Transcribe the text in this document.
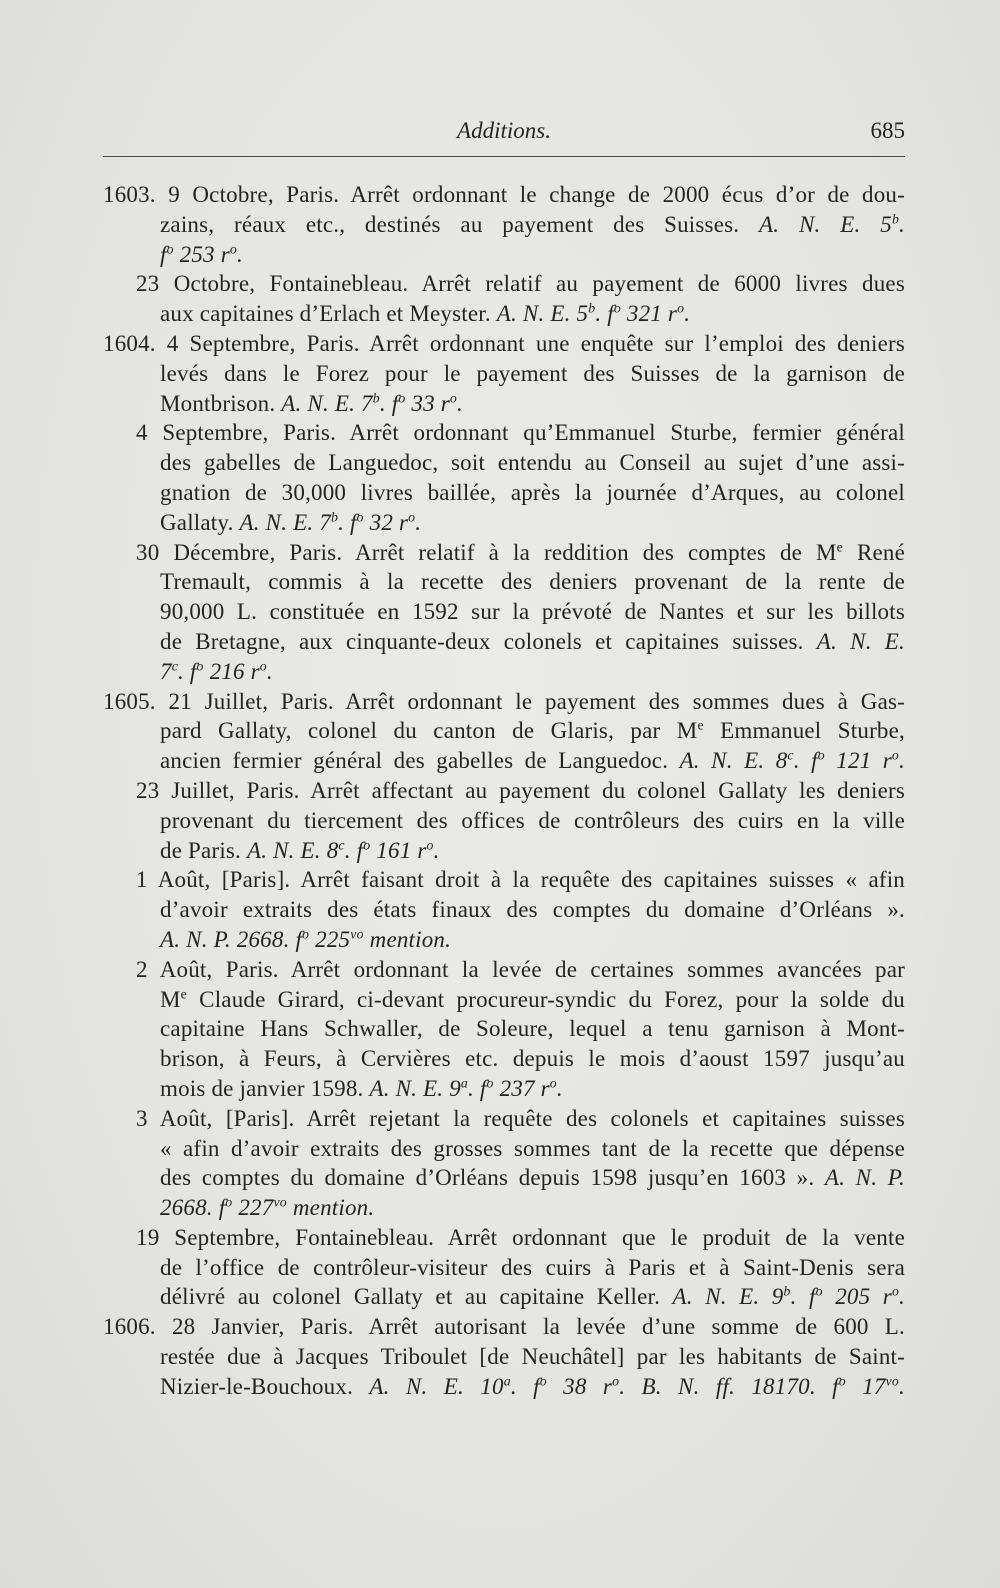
Additions.	685
1603. 9 Octobre, Paris. Arrêt ordonnant le change de 2000 écus d’or de dou-
zains, réaux etc., destinés au payement des Suisses. A. N. E. 5$^b$.
$f^o$ 253 $r^o$.
23 Octobre, Fontainebleau. Arrêt relatif au payement de 6000 livres dues
aux capitaines d’Erlach et Meyster. A. N. E. 5$^b$. $f^o$ 321 $r^o$.
1604. 4 Septembre, Paris. Arrêt ordonnant une enquête sur l’emploi des deniers
levés dans le Forez pour le payement des Suisses de la garnison de
Montbrison. A. N. E. 7$^b$. $f^o$ 33 $r^o$.
4 Septembre, Paris. Arrêt ordonnant qu’Emmanuel Sturbe, fermier général
des gabelles de Languedoc, soit entendu au Conseil au sujet d’une assi-
gnation de 30,000 livres baillée, après la journée d’Arques, au colonel
Gallaty. A. N. E. 7$^b$. $f^o$ 32 $r^o$.
30 Décembre, Paris. Arrêt relatif à la reddition des comptes de Me René
Tremault, commis à la recette des deniers provenant de la rente de
90,000 L. constituée en 1592 sur la prévoté de Nantes et sur les billots
de Bretagne, aux cinquante-deux colonels et capitaines suisses. A. N. E.
7$^c$. $f^o$ 216 $r^o$.
1605. 21 Juillet, Paris. Arrêt ordonnant le payement des sommes dues à Gas-
pard Gallaty, colonel du canton de Glaris, par Me Emmanuel Sturbe,
ancien fermier général des gabelles de Languedoc. A. N. E. 8$^c$. $f^o$ 121 $r^o$.
23 Juillet, Paris. Arrêt affectant au payement du colonel Gallaty les deniers
provenant du tiercement des offices de contrôleurs des cuirs en la ville
de Paris. A. N. E. 8$^c$. $f^o$ 161 $r^o$.
1 Août, [Paris]. Arrêt faisant droit à la requête des capitaines suisses « afin
d’avoir extraits des états finaux des comptes du domaine d’Orléans ».
A. N. P. 2668. $f^o$ $225^{vo}$ mention.
2 Août, Paris. Arrêt ordonnant la levée de certaines sommes avancées par
Me Claude Girard, ci-devant procureur-syndic du Forez, pour la solde du
capitaine Hans Schwaller, de Soleure, lequel a tenu garnison à Mont-
brison, à Feurs, à Cervières etc. depuis le mois d’aoust 1597 jusqu’au
mois de janvier 1598. A. N. E. 9$^a$. $f^o$ 237 $r^o$.
3 Août, [Paris]. Arrêt rejetant la requête des colonels et capitaines suisses
« afin d’avoir extraits des grosses sommes tant de la recette que dépense
des comptes du domaine d’Orléans depuis 1598 jusqu’en 1603 ». A. N. P.
2668. $f^o$ $227^{vo}$ mention.
19 Septembre, Fontainebleau. Arrêt ordonnant que le produit de la vente
de l’office de contrôleur-visiteur des cuirs à Paris et à Saint-Denis sera
délivré au colonel Gallaty et au capitaine Keller. A. N. E. 9$^b$. $f^o$ 205 $r^o$.
1606. 28 Janvier, Paris. Arrêt autorisant la levée d’une somme de 600 L.
restée due à Jacques Triboulet [de Neuchâtel] par les habitants de Saint-
Nizier-le-Bouchoux. A. N. E. 10$^a$. $f^o$ 38 $r^o$. B. N. ff. 18170. $f^o$ $17^{vo}$.
